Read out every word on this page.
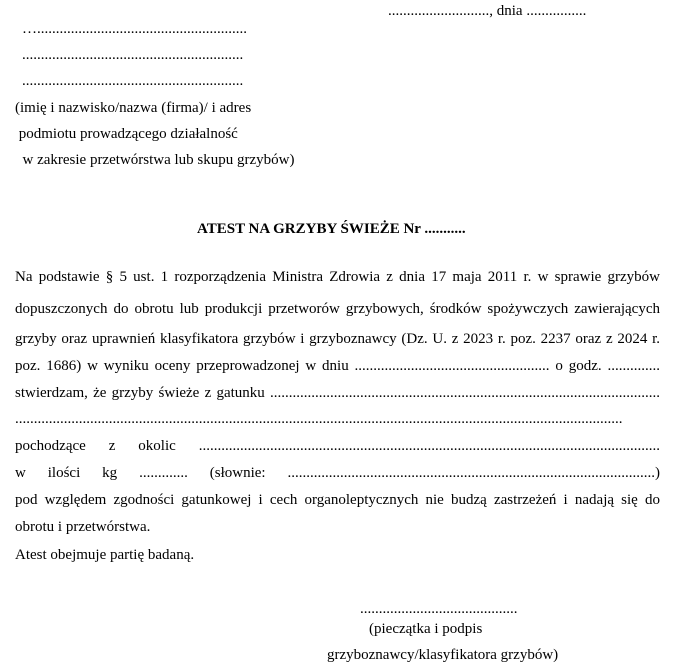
..........................., dnia ................
…........................................................
...........................................................
...........................................................
(imię i nazwisko/nazwa (firma)/ i adres
podmiotu prowadzącego działalność
w zakresie przetwórstwa lub skupu grzybów)
ATEST NA GRZYBY ŚWIEŻE Nr ...........
Na podstawie § 5 ust. 1 rozporządzenia Ministra Zdrowia z dnia 17 maja 2011 r. w sprawie grzybów
dopuszczonych do obrotu lub produkcji przetworów grzybowych, środków spożywczych zawierających
grzyby oraz uprawnień klasyfikatora grzybów i grzyboznawcy (Dz. U. z 2023 r. poz. 2237 oraz z 2024 r.
poz. 1686) w wyniku oceny przeprowadzonej w dniu .................................................... o godz. ..............
stwierdzam, że grzyby świeże z gatunku ........................................................................................................
..................................................................................................................................................................
pochodzące z okolic ...........................................................................................................................
w ilości kg ............. (słownie: ..................................................................................................)
pod względem zgodności gatunkowej i cech organoleptycznych nie budzą zastrzeżeń i nadają się do
obrotu i przetwórstwa.
Atest obejmuje partię badaną.
..........................................
(pieczątka i podpis
grzyboznawcy/klasyfikatora grzybów)
